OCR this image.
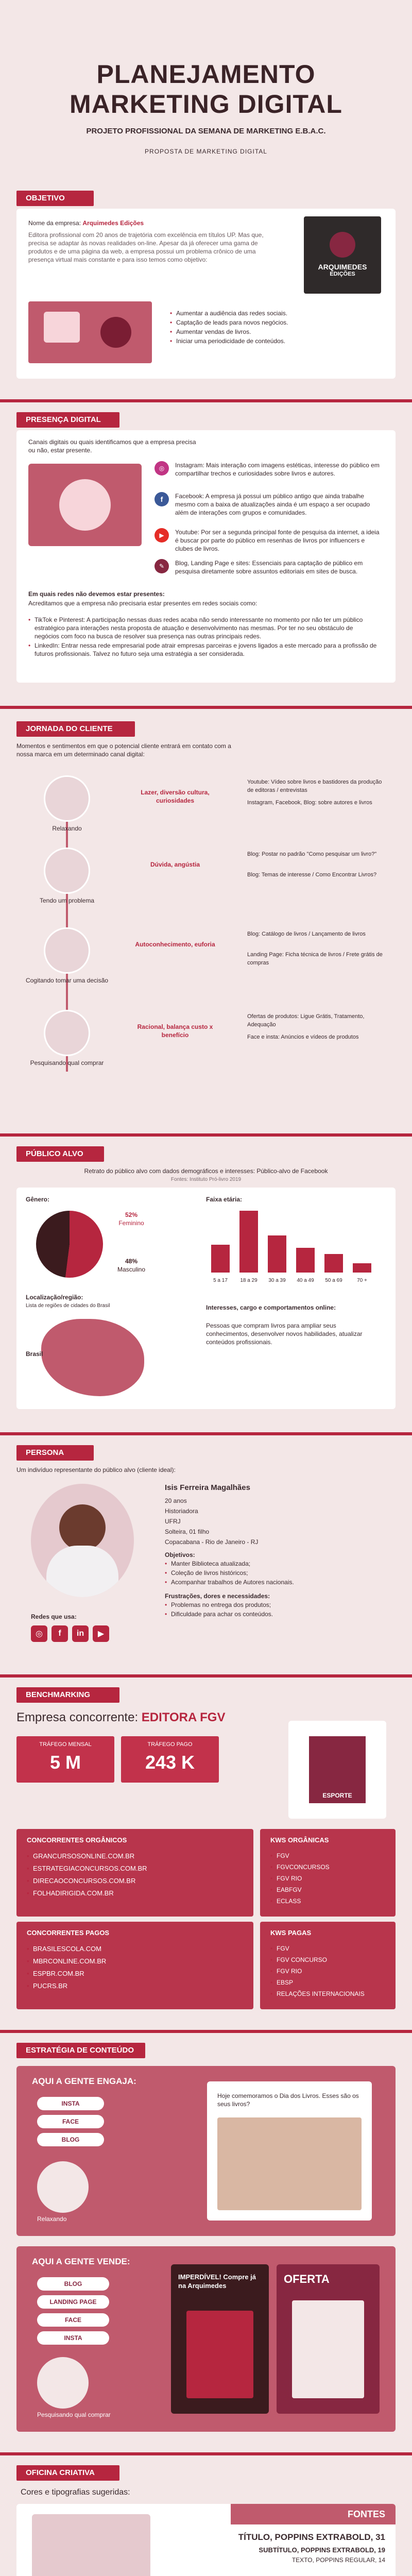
PLANEJAMENTO
MARKETING DIGITAL
PROJETO PROFISSIONAL DA SEMANA DE MARKETING E.B.A.C.
PROPOSTA DE MARKETING DIGITAL
OBJETIVO
Nome da empresa: Arquimedes Edições
Editora profissional com 20 anos de trajetória com excelência em títulos UP. Mas que, precisa se adaptar às novas realidades on-line. Apesar da já oferecer uma gama de produtos e de uma página da web, a empresa possui um problema crônico de uma presença virtual mais constante e para isso temos como objetivo:
ARQUIMEDES
EDIÇÕES
• Aumentar a audiência das redes sociais.
• Captação de leads para novos negócios.
• Aumentar vendas de livros.
• Iniciar uma periodicidade de conteúdos.
PRESENÇA DIGITAL
Canais digitais ou quais identificamos que a empresa precisa ou não, estar presente.
◎	Instagram: Mais interação com imagens estéticas, interesse do público em compartilhar trechos e curiosidades sobre livros e autores.
f	Facebook: A empresa já possui um público antigo que ainda trabalhe mesmo com a baixa de atualizações ainda é um espaço a ser ocupado além de interações com grupos e comunidades.
▶	Youtube: Por ser a segunda principal fonte de pesquisa da internet, a ideia é buscar por parte do público em resenhas de livros por influencers e clubes de livros.
✎	Blog, Landing Page e sites: Essenciais para captação de público em pesquisa diretamente sobre assuntos editoriais em sites de busca.
Em quais redes não devemos estar presentes:
Acreditamos que a empresa não precisaria estar presentes em redes sociais como:
• TikTok e Pinterest: A participação nessas duas redes acaba não sendo interessante no momento por não ter um público estratégico para interações nesta proposta de atuação e desenvolvimento nas mesmas. Por ter no seu obstáculo de negócios com foco na busca de resolver sua presença nas outras principais redes.
• LinkedIn: Entrar nessa rede empresarial pode atrair empresas parceiras e jovens ligados a este mercado para a profissão de futuros profissionais. Talvez no futuro seja uma estratégia a ser considerada.
JORNADA DO CLIENTE
Momentos e sentimentos em que o potencial cliente entrará em contato com a nossa marca em um determinado canal digital:
Relaxando
Lazer, diversão cultura, curiosidades
Youtube: Vídeo sobre livros e bastidores da produção de editoras / entrevistas
Instagram, Facebook, Blog: sobre autores e livros
Tendo um problema
Dúvida, angústia
Blog: Postar no padrão "Como pesquisar um livro?"
Blog: Temas de interesse / Como Encontrar Livros?
Cogitando tomar uma decisão
Autoconhecimento, euforia
Blog: Catálogo de livros / Lançamento de livros
Landing Page: Ficha técnica de livros / Frete grátis de compras
Pesquisando qual comprar
Racional, balança custo x benefício
Ofertas de produtos: Ligue Grátis, Tratamento, Adequação
Face e insta: Anúncios e vídeos de produtos
PÚBLICO ALVO
Retrato do público alvo com dados demográficos e interesses: Público-alvo de Facebook
Fontes: Instituto Pró-livro 2019
Gênero:
52%
Feminino
48%
Masculino
Faixa etária:
5 a 17 18 a 29 30 a 39 40 a 49 50 a 69	70 +
Localização/região:
Lista de regiões de cidades do Brasil
Brasil
Interesses, cargo e comportamentos online:
Pessoas que compram livros para ampliar seus conhecimentos, desenvolver novos habilidades, atualizar conteúdos profissionais.
PERSONA
Um indivíduo representante do público alvo (cliente ideal):
Isis Ferreira Magalhães
20 anos
Historiadora
UFRJ
Solteira, 01 filho
Copacabana - Rio de Janeiro - RJ
Objetivos:
• Manter Biblioteca atualizada;
• Coleção de livros históricos;
• Acompanhar trabalhos de Autores nacionais.
Frustrações, dores e necessidades:
• Problemas no entrega dos produtos;
• Dificuldade para achar os conteúdos.
Redes que usa:
◎	f	in	▶
BENCHMARKING
Empresa concorrente: EDITORA FGV
TRÁFEGO MENSAL
5 M
TRÁFEGO PAGO
243 K
ESPORTE
CONCORRENTES ORGÂNICOS
• GRANCURSOSONLINE.COM.BR
• ESTRATEGIACONCURSOS.COM.BR
• DIRECAOCONCURSOS.COM.BR
• FOLHADIRIGIDA.COM.BR
KWS ORGÂNICAS
• FGV
• FGVCONCURSOS
• FGV RIO
• EABFGV
• ECLASS
CONCORRENTES PAGOS
• BRASILESCOLA.COM
• MBRCONLINE.COM.BR
• ESPBR.COM.BR
• PUCRS.BR
KWS PAGAS
• FGV
• FGV CONCURSO
• FGV RIO
• EBSP
• RELAÇÕES INTERNACIONAIS
ESTRATÉGIA DE CONTEÚDO
AQUI A GENTE ENGAJA:
INSTA
FACE
BLOG
Relaxando
Hoje comemoramos o Dia dos Livros. Esses são os seus livros?
AQUI A GENTE VENDE:
BLOG
LANDING PAGE
FACE
INSTA
Pesquisando qual comprar
IMPERDÍVEL! Compre já na Arquimedes
OFERTA
OFICINA CRIATIVA
Cores e tipografias sugeridas:
FONTES
TÍTULO, POPPINS EXTRABOLD, 31
SUBTÍTULO, POPPINS EXTRABOLD, 19
TEXTO, POPPINS REGULAR, 14
